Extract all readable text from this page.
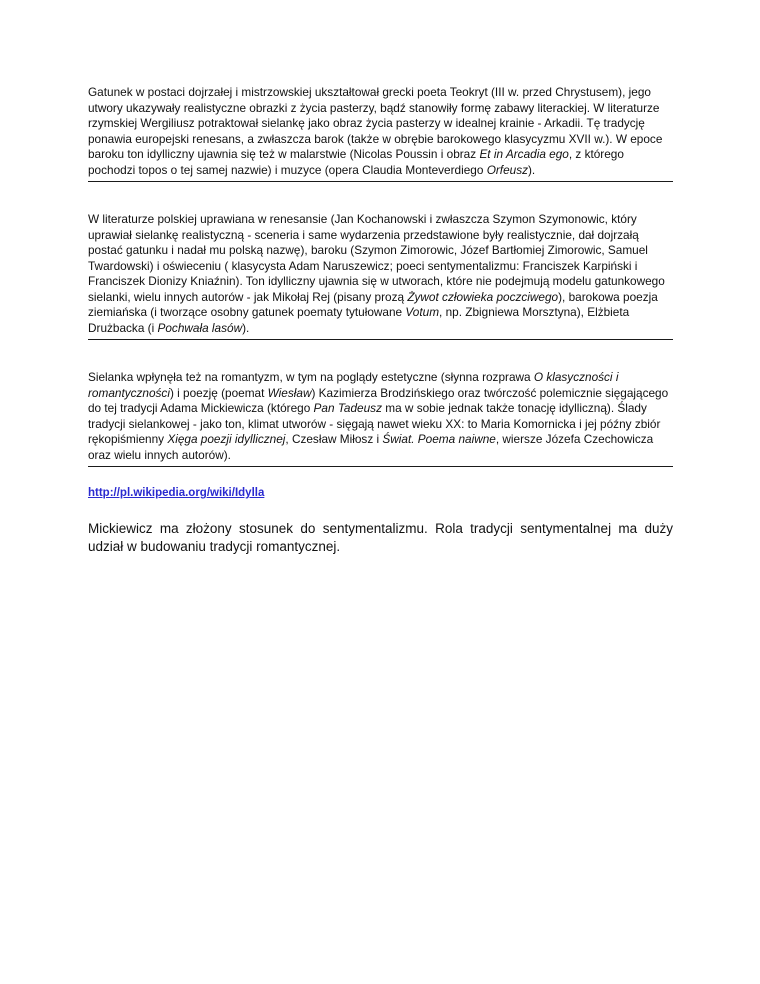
Gatunek w postaci dojrzałej i mistrzowskiej ukształtował grecki poeta Teokryt (III w. przed Chrystusem), jego utwory ukazywały realistyczne obrazki z życia pasterzy, bądź stanowiły formę zabawy literackiej. W literaturze rzymskiej Wergiliusz potraktował sielankę jako obraz życia pasterzy w idealnej krainie - Arkadii. Tę tradycję ponawia europejski renesans, a zwłaszcza barok (także w obrębie barokowego klasycyzmu XVII w.). W epoce baroku ton idylliczny ujawnia się też w malarstwie (Nicolas Poussin i obraz Et in Arcadia ego, z którego pochodzi topos o tej samej nazwie) i muzyce (opera Claudia Monteverdiego Orfeusz).

W literaturze polskiej uprawiana w renesansie (Jan Kochanowski i zwłaszcza Szymon Szymonowic, który uprawiał sielankę realistyczną - sceneria i same wydarzenia przedstawione były realistycznie, dał dojrzałą postać gatunku i nadał mu polską nazwę), baroku (Szymon Zimorowic, Józef Bartłomiej Zimorowic, Samuel Twardowski) i oświeceniu ( klasycysta Adam Naruszewicz; poeci sentymentalizmu: Franciszek Karpiński i Franciszek Dionizy Kniaźnin). Ton idylliczny ujawnia się w utworach, które nie podejmują modelu gatunkowego sielanki, wielu innych autorów - jak Mikołaj Rej (pisany prozą Żywot człowieka poczciwego), barokowa poezja ziemiańska (i tworzące osobny gatunek poematy tytułowane Votum, np. Zbigniewa Morsztyna), Elżbieta Drużbacka (i Pochwała lasów).

Sielanka wpłynęła też na romantyzm, w tym na poglądy estetyczne (słynna rozprawa O klasyczności i romantyczności) i poezję (poemat Wiesław) Kazimierza Brodzińskiego oraz twórczość polemicznie sięgającego do tej tradycji Adama Mickiewicza (którego Pan Tadeusz ma w sobie jednak także tonację idylliczną). Ślady tradycji sielankowej - jako ton, klimat utworów - sięgają nawet wieku XX: to Maria Komornicka i jej późny zbiór rękopiśmienny Xięga poezji idyllicznej, Czesław Miłosz i Świat. Poema naiwne, wiersze Józefa Czechowicza oraz wielu innych autorów).

http://pl.wikipedia.org/wiki/Idylla

Mickiewicz ma złożony stosunek do sentymentalizmu. Rola tradycji sentymentalnej ma duży udział w budowaniu tradycji romantycznej.
